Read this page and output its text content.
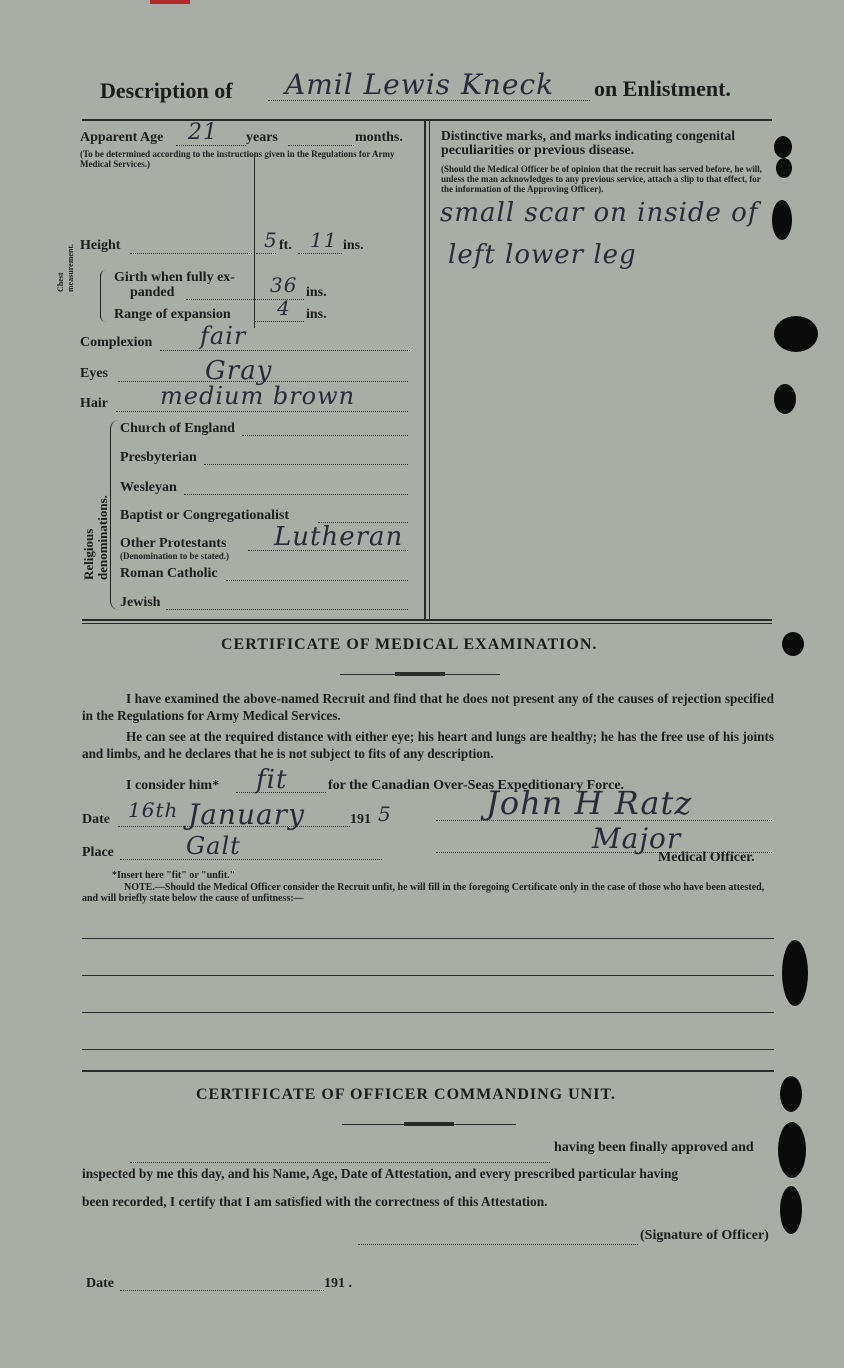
Description of Amil Lewis Kneck on Enlistment.
Apparent Age 21 years	months.
(To be determined according to the instructions given in the Regulations for Army Medical Services.)
Height	5 ft. 11 ins.
Chest measurement.	Girth when fully ex-
panded	36 ins.
Range of expansion 4 ins.
Complexion fair
Eyes	Gray
Hair medium brown
Religious denominations.
Church of England
Presbyterian
Wesleyan
Baptist or Congregationalist
Other Protestants
(Denomination to be stated.)
Lutheran
Roman Catholic
Jewish
Distinctive marks, and marks indicating congenital
peculiarities or previous disease.
(Should the Medical Officer be of opinion that the recruit has served before, he will, unless the man acknowledges to any previous service, attach a slip to that effect, for the information of the Approving Officer).
small scar on inside of
left lower leg
CERTIFICATE OF MEDICAL EXAMINATION.
I have examined the above-named Recruit and find that he does not present any of the causes of rejection specified in the Regulations for Army Medical Services.
He can see at the required distance with either eye; his heart and lungs are healthy; he has the free use of his joints and limbs, and he declares that he is not subject to fits of any description.
I consider him* fit	for the Canadian Over-Seas Expeditionary Force.
Date 16th January	191 5	John H Ratz
Place	Galt	Major
Medical Officer.
*Insert here "fit" or "unfit."
NOTE.—Should the Medical Officer consider the Recruit unfit, he will fill in the foregoing Certificate only in the case of those who have been attested, and will briefly state below the cause of unfitness:—
CERTIFICATE OF OFFICER COMMANDING UNIT.
having been finally approved and
inspected by me this day, and his Name, Age, Date of Attestation, and every prescribed particular having
been recorded, I certify that I am satisfied with the correctness of this Attestation.
(Signature of Officer)
Date	191 .
